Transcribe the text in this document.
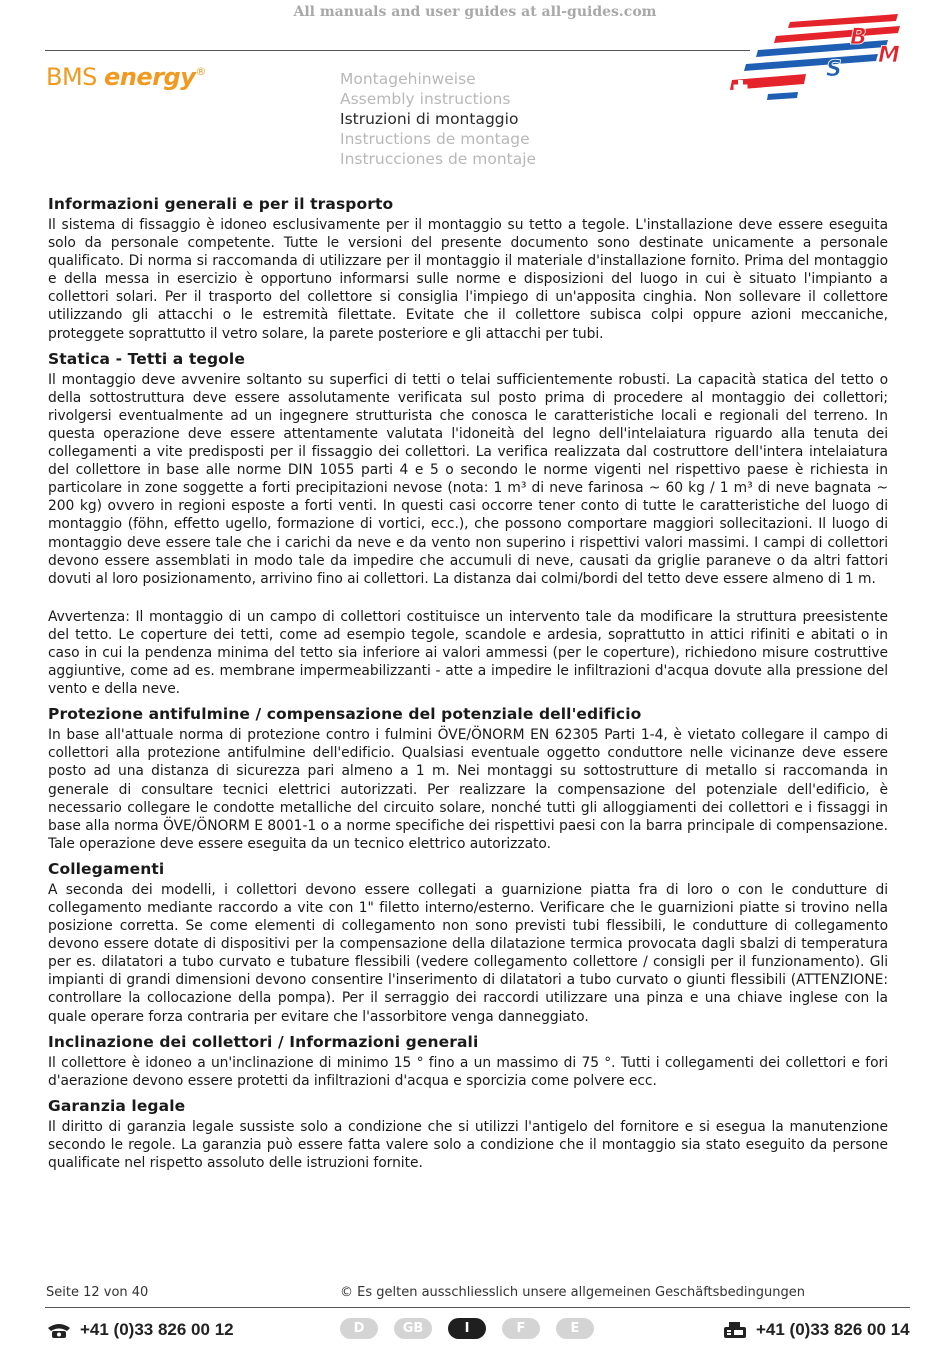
All manuals and user guides at all-guides.com
BMS energy®	Montagehinweise
Assembly instructions
Istruzioni di montaggio
Instructions de montage
Instrucciones de montaje
B
M
S
Informazioni generali e per il trasporto

Il sistema di fissaggio è idoneo esclusivamente per il montaggio su tetto a tegole. L'installazione deve essere eseguita solo da personale competente. Tutte le versioni del presente documento sono destinate unicamente a personale qualificato. Di norma si raccomanda di utilizzare per il montaggio il materiale d'installazione fornito. Prima del montaggio e della messa in esercizio è opportuno informarsi sulle norme e disposizioni del luogo in cui è situato l'impianto a collettori solari. Per il trasporto del collettore si consiglia l'impiego di un'apposita cinghia. Non sollevare il collettore utilizzando gli attacchi o le estremità filettate. Evitate che il collettore subisca colpi oppure azioni meccaniche, proteggete soprattutto il vetro solare, la parete posteriore e gli attacchi per tubi.

Statica - Tetti a tegole

Il montaggio deve avvenire soltanto su superfici di tetti o telai sufficientemente robusti. La capacità statica del tetto o della sottostruttura deve essere assolutamente verificata sul posto prima di procedere al montaggio dei collettori; rivolgersi eventualmente ad un ingegnere strutturista che conosca le caratteristiche locali e regionali del terreno. In questa operazione deve essere attentamente valutata l'idoneità del legno dell'intelaiatura riguardo alla tenuta dei collegamenti a vite predisposti per il fissaggio dei collettori. La verifica realizzata dal costruttore dell'intera intelaiatura del collettore in base alle norme DIN 1055 parti 4 e 5 o secondo le norme vigenti nel rispettivo paese è richiesta in particolare in zone soggette a forti precipitazioni nevose (nota: 1 m³ di neve farinosa ~ 60 kg / 1 m³ di neve bagnata ~ 200 kg) ovvero in regioni esposte a forti venti. In questi casi occorre tener conto di tutte le caratteristiche del luogo di montaggio (föhn, effetto ugello, formazione di vortici, ecc.), che possono comportare maggiori sollecitazioni. Il luogo di montaggio deve essere tale che i carichi da neve e da vento non superino i rispettivi valori massimi. I campi di collettori devono essere assemblati in modo tale da impedire che accumuli di neve, causati da griglie paraneve o da altri fattori dovuti al loro posizionamento, arrivino fino ai collettori. La distanza dai colmi/bordi del tetto deve essere almeno di 1 m.

Avvertenza: Il montaggio di un campo di collettori costituisce un intervento tale da modificare la struttura preesistente del tetto. Le coperture dei tetti, come ad esempio tegole, scandole e ardesia, soprattutto in attici rifiniti e abitati o in caso in cui la pendenza minima del tetto sia inferiore ai valori ammessi (per le coperture), richiedono misure costruttive aggiuntive, come ad es. membrane impermeabilizzanti - atte a impedire le infiltrazioni d'acqua dovute alla pressione del vento e della neve.

Protezione antifulmine / compensazione del potenziale dell'edificio

In base all'attuale norma di protezione contro i fulmini ÖVE/ÖNORM EN 62305 Parti 1-4, è vietato collegare il campo di collettori alla protezione antifulmine dell'edificio. Qualsiasi eventuale oggetto conduttore nelle vicinanze deve essere posto ad una distanza di sicurezza pari almeno a 1 m. Nei montaggi su sottostrutture di metallo si raccomanda in generale di consultare tecnici elettrici autorizzati. Per realizzare la compensazione del potenziale dell'edificio, è necessario collegare le condotte metalliche del circuito solare, nonché tutti gli alloggiamenti dei collettori e i fissaggi in base alla norma ÖVE/ÖNORM E 8001-1 o a norme specifiche dei rispettivi paesi con la barra principale di compensazione. Tale operazione deve essere eseguita da un tecnico elettrico autorizzato.

Collegamenti

A seconda dei modelli, i collettori devono essere collegati a guarnizione piatta fra di loro o con le condutture di collegamento mediante raccordo a vite con 1" filetto interno/esterno. Verificare che le guarnizioni piatte si trovino nella posizione corretta. Se come elementi di collegamento non sono previsti tubi flessibili, le condutture di collegamento devono essere dotate di dispositivi per la compensazione della dilatazione termica provocata dagli sbalzi di temperatura per es. dilatatori a tubo curvato e tubature flessibili (vedere collegamento collettore / consigli per il funzionamento). Gli impianti di grandi dimensioni devono consentire l'inserimento di dilatatori a tubo curvato o giunti flessibili (ATTENZIONE: controllare la collocazione della pompa). Per il serraggio dei raccordi utilizzare una pinza e una chiave inglese con la quale operare forza contraria per evitare che l'assorbitore venga danneggiato.

Inclinazione dei collettori / Informazioni generali

Il collettore è idoneo a un'inclinazione di minimo 15 ° fino a un massimo di 75 °. Tutti i collegamenti dei collettori e fori d'aerazione devono essere protetti da infiltrazioni d'acqua e sporcizia come polvere ecc.

Garanzia legale

Il diritto di garanzia legale sussiste solo a condizione che si utilizzi l'antigelo del fornitore e si esegua la manutenzione secondo le regole. La garanzia può essere fatta valere solo a condizione che il montaggio sia stato eseguito da persone qualificate nel rispetto assoluto delle istruzioni fornite.

Seite 12 von 40	© Es gelten ausschliesslich unsere allgemeinen Geschäftsbedingungen
+41 (0)33 826 00 12	D	GB	I	F	E	+41 (0)33 826 00 14
